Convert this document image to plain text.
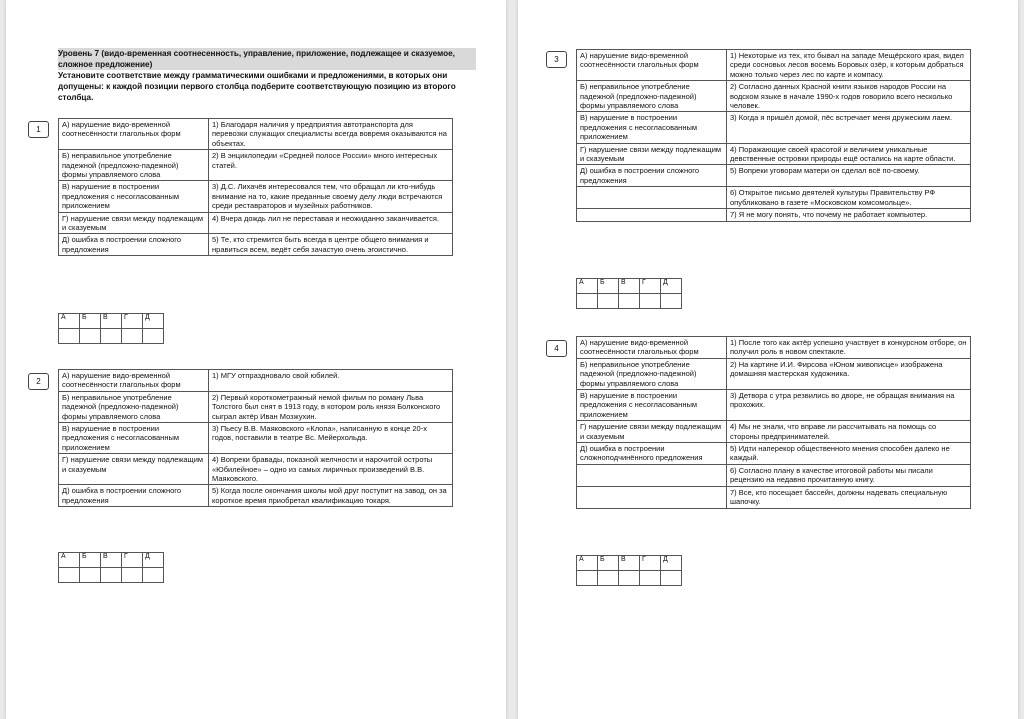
Уровень 7 (видо-временная соотнесенность, управление, приложение, подлежащее и сказуемое, сложное предложение)
Установите соответствие между грамматическими ошибками и предложениями, в которых они допущены: к каждой позиции первого столбца подберите соответствующую позицию из второго столбца.
1
А) нарушение видо-временной соотнесённости глагольных форм	1) Благодаря наличия у предприятия автотранспорта для перевозки служащих специалисты всегда вовремя оказываются на объектах.
Б) неправильное употребление падежной (предложно-падежной) формы управляемого слова	2) В энциклопедии «Средней полосе России» много интересных статей.
В) нарушение в построении предложения с несогласованным приложением	3) Д.С. Лихачёв интересовался тем, что обращал ли кто-нибудь внимание на то, какие преданные своему делу люди встречаются среди реставраторов и музейных работников.
Г) нарушение связи между подлежащим и сказуемым	4) Вчера дождь лил не переставая и неожиданно заканчивается.
Д) ошибка в построении сложного предложения	5) Те, кто стремится быть всегда в центре общего внимания и нравиться всем, ведёт себя зачастую очень эгоистично.
А	Б	В	Г	Д

2
А) нарушение видо-временной соотнесённости глагольных форм	1) МГУ отпраздновало свой юбилей.
Б) неправильное употребление падежной (предложно-падежной) формы управляемого слова	2) Первый короткометражный немой фильм по роману Льва Толстого был снят в 1913 году, в котором роль князя Болконского сыграл актёр Иван Мозжухин.
В) нарушение в построении предложения с несогласованным приложением	3) Пьесу В.В. Маяковского «Клопа», написанную в конце 20-х годов, поставили в театре Вс. Мейерхольда.
Г) нарушение связи между подлежащим и сказуемым	4) Вопреки бравады, показной желчности и нарочитой остроты «Юбилейное» – одно из самых лиричных произведений В.В. Маяковского.
Д) ошибка в построении сложного предложения	5) Когда после окончания школы мой друг поступит на завод, он за короткое время приобретал квалификацию токаря.
А	Б	В	Г	Д

3	А) нарушение видо-временной соотнесённости глагольных форм	1) Некоторые из тех, кто бывал на западе Мещёрского края, видел среди сосновых лесов восемь Боровых озёр, к которым добраться можно только через лес по карте и компасу.
Б) неправильное употребление падежной (предложно-падежной) формы управляемого слова	2) Согласно данных Красной книги языков народов России на водском языке в начале 1990-х годов говорило всего несколько человек.
В) нарушение в построении предложения с несогласованным приложением	3) Когда я пришёл домой, пёс встречает меня дружеским лаем.
Г) нарушение связи между подлежащим и сказуемым	4) Поражающие своей красотой и величием уникальные девственные островки природы ещё остались на карте области.
Д) ошибка в построении сложного предложения	5) Вопреки уговорам матери он сделал всё по-своему.
	6) Открытое письмо деятелей культуры Правительству РФ опубликовано в газете «Московском комсомольце».
	7) Я не могу понять, что почему не работает компьютер.
А	Б	В	Г	Д

4
А) нарушение видо-временной соотнесённости глагольных форм	1) После того как актёр успешно участвует в конкурсном отборе, он получил роль в новом спектакле.
Б) неправильное употребление падежной (предложно-падежной) формы управляемого слова	2) На картине И.И. Фирсова «Юном живописце» изображена домашняя мастерская художника.
В) нарушение в построении предложения с несогласованным приложением	3) Детвора с утра резвились во дворе, не обращая внимания на прохожих.
Г) нарушение связи между подлежащим и сказуемым	4) Мы не знали, что вправе ли рассчитывать на помощь со стороны предпринимателей.
Д) ошибка в построении сложноподчинённого предложения	5) Идти наперекор общественного мнения способен далеко не каждый.
	6) Согласно плану в качестве итоговой работы мы писали рецензию на недавно прочитанную книгу.
	7) Все, кто посещает бассейн, должны надевать специальную шапочку.
А	Б	В	Г	Д
